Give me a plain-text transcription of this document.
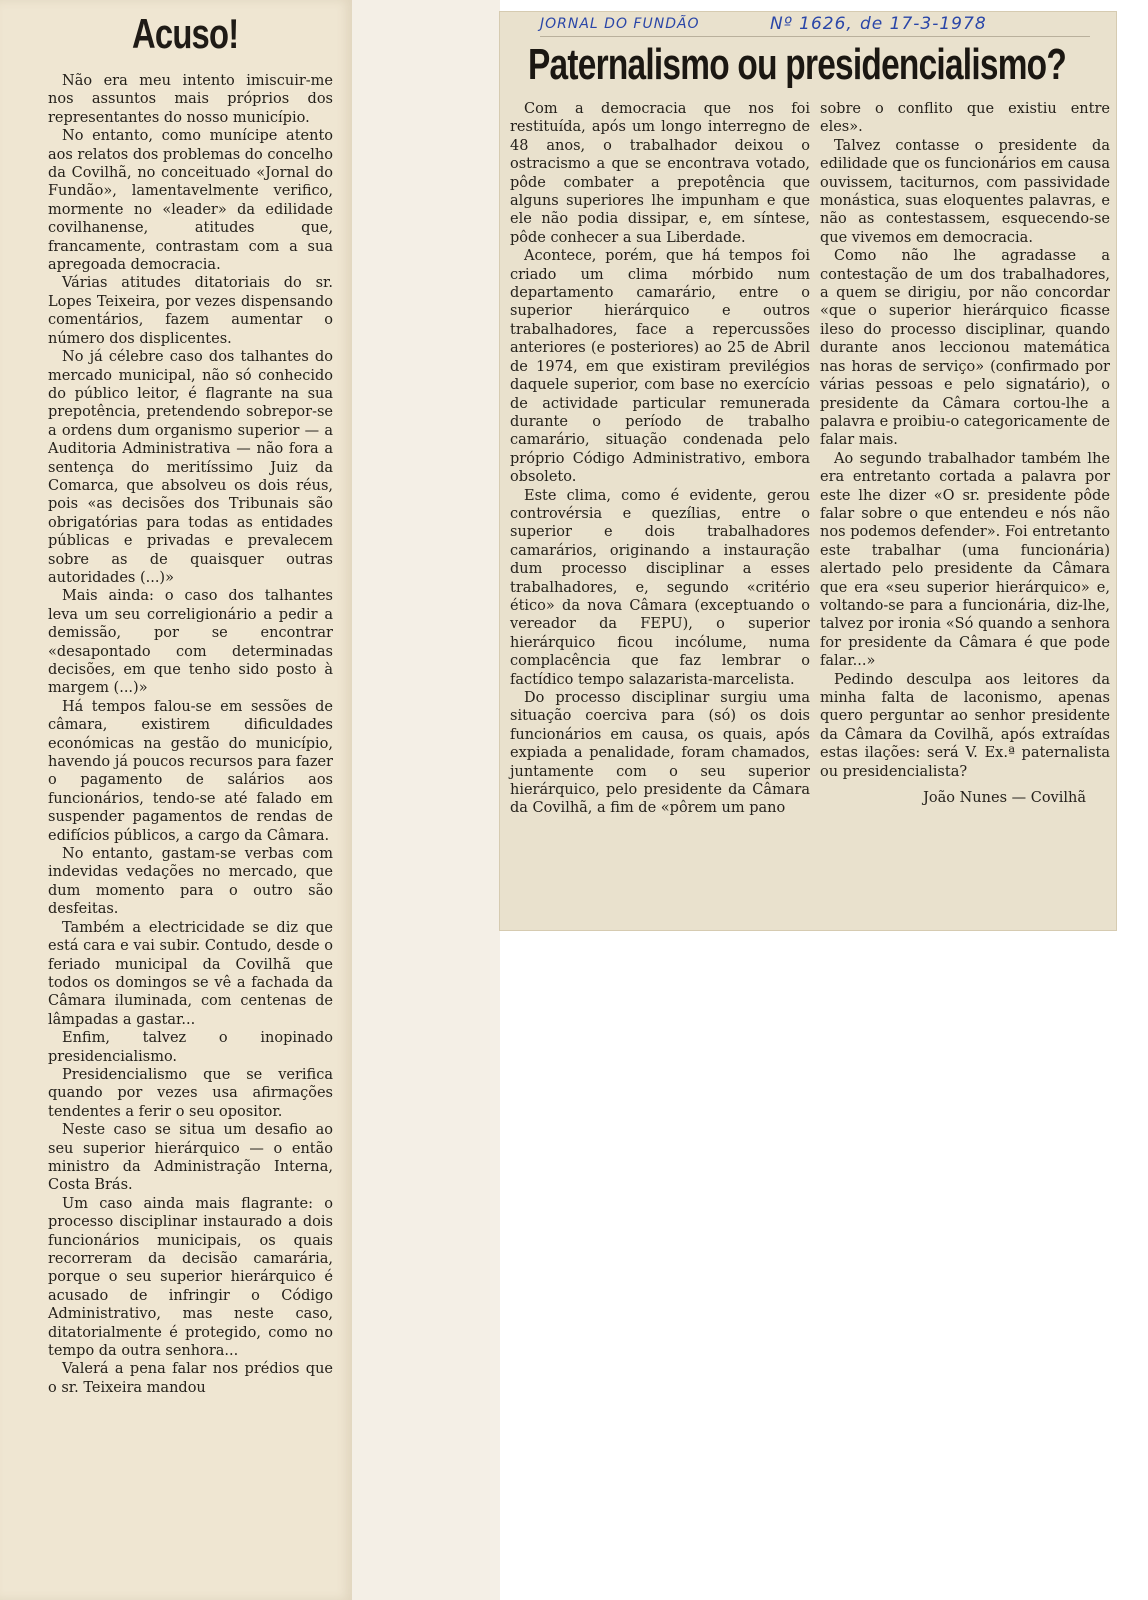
Acuso!

Não era meu intento imiscuir-me nos assuntos mais próprios dos representantes do nosso município.

No entanto, como munícipe atento aos relatos dos problemas do concelho da Covilhã, no conceituado «Jornal do Fundão», lamentavelmente verifico, mormente no «leader» da edilidade covilhanense, atitudes que, francamente, contrastam com a sua apregoada democracia.

Várias atitudes ditatoriais do sr. Lopes Teixeira, por vezes dispensando comentários, fazem aumentar o número dos displicentes.

No já célebre caso dos talhantes do mercado municipal, não só conhecido do público leitor, é flagrante na sua prepotência, pretendendo sobrepor-se a ordens dum organismo superior — a Auditoria Administrativa — não fora a sentença do meritíssimo Juiz da Comarca, que absolveu os dois réus, pois «as decisões dos Tribunais são obrigatórias para todas as entidades públicas e privadas e prevalecem sobre as de quaisquer outras autoridades (...)»

Mais ainda: o caso dos talhantes leva um seu correligionário a pedir a demissão, por se encontrar «desapontado com determinadas decisões, em que tenho sido posto à margem (...)»

Há tempos falou-se em sessões de câmara, existirem dificuldades económicas na gestão do município, havendo já poucos recursos para fazer o pagamento de salários aos funcionários, tendo-se até falado em suspender pagamentos de rendas de edifícios públicos, a cargo da Câmara.

No entanto, gastam-se verbas com indevidas vedações no mercado, que dum momento para o outro são desfeitas.

Também a electricidade se diz que está cara e vai subir. Contudo, desde o feriado municipal da Covilhã que todos os domingos se vê a fachada da Câmara iluminada, com centenas de lâmpadas a gastar...

Enfim, talvez o inopinado presidencialismo.

Presidencialismo que se verifica quando por vezes usa afirmações tendentes a ferir o seu opositor.

Neste caso se situa um desafio ao seu superior hierárquico — o então ministro da Administração Interna, Costa Brás.

Um caso ainda mais flagrante: o processo disciplinar instaurado a dois funcionários municipais, os quais recorreram da decisão camarária, porque o seu superior hierárquico é acusado de infringir o Código Administrativo, mas neste caso, ditatorialmente é protegido, como no tempo da outra senhora...

Valerá a pena falar nos prédios que o sr. Teixeira mandou

JORNAL DO FUNDÃO	Nº 1626, de 17-3-1978
Paternalismo ou presidencialismo?

Com a democracia que nos foi restituída, após um longo interregno de 48 anos, o trabalhador deixou o ostracismo a que se encontrava votado, pôde combater a prepotência que alguns superiores lhe impunham e que ele não podia dissipar, e, em síntese, pôde conhecer a sua Liberdade.

Acontece, porém, que há tempos foi criado um clima mórbido num departamento camarário, entre o superior hierárquico e outros trabalhadores, face a repercussões anteriores (e posteriores) ao 25 de Abril de 1974, em que existiram previlégios daquele superior, com base no exercício de actividade particular remunerada durante o período de trabalho camarário, situação condenada pelo próprio Código Administrativo, embora obsoleto.

Este clima, como é evidente, gerou controvérsia e quezílias, entre o superior e dois trabalhadores camarários, originando a instauração dum processo disciplinar a esses trabalhadores, e, segundo «critério ético» da nova Câmara (exceptuando o vereador da FEPU), o superior hierárquico ficou incólume, numa complacência que faz lembrar o factídico tempo salazarista-marcelista.

Do processo disciplinar surgiu uma situação coerciva para (só) os dois funcionários em causa, os quais, após expiada a penalidade, foram chamados, juntamente com o seu superior hierárquico, pelo presidente da Câmara da Covilhã, a fim de «pôrem um pano

sobre o conflito que existiu entre eles».

Talvez contasse o presidente da edilidade que os funcionários em causa ouvissem, taciturnos, com passividade monástica, suas eloquentes palavras, e não as contestassem, esquecendo-se que vivemos em democracia.

Como não lhe agradasse a contestação de um dos trabalhadores, a quem se dirigiu, por não concordar «que o superior hierárquico ficasse ileso do processo disciplinar, quando durante anos leccionou matemática nas horas de serviço» (confirmado por várias pessoas e pelo signatário), o presidente da Câmara cortou-lhe a palavra e proibiu-o categoricamente de falar mais.

Ao segundo trabalhador também lhe era entretanto cortada a palavra por este lhe dizer «O sr. presidente pôde falar sobre o que entendeu e nós não nos podemos defender». Foi entretanto este trabalhar (uma funcionária) alertado pelo presidente da Câmara que era «seu superior hierárquico» e, voltando-se para a funcionária, diz-lhe, talvez por ironia «Só quando a senhora for presidente da Câmara é que pode falar...»

Pedindo desculpa aos leitores da minha falta de laconismo, apenas quero perguntar ao senhor presidente da Câmara da Covilhã, após extraídas estas ilações: será V. Ex.ª paternalista ou presidencialista?

João Nunes — Covilhã
